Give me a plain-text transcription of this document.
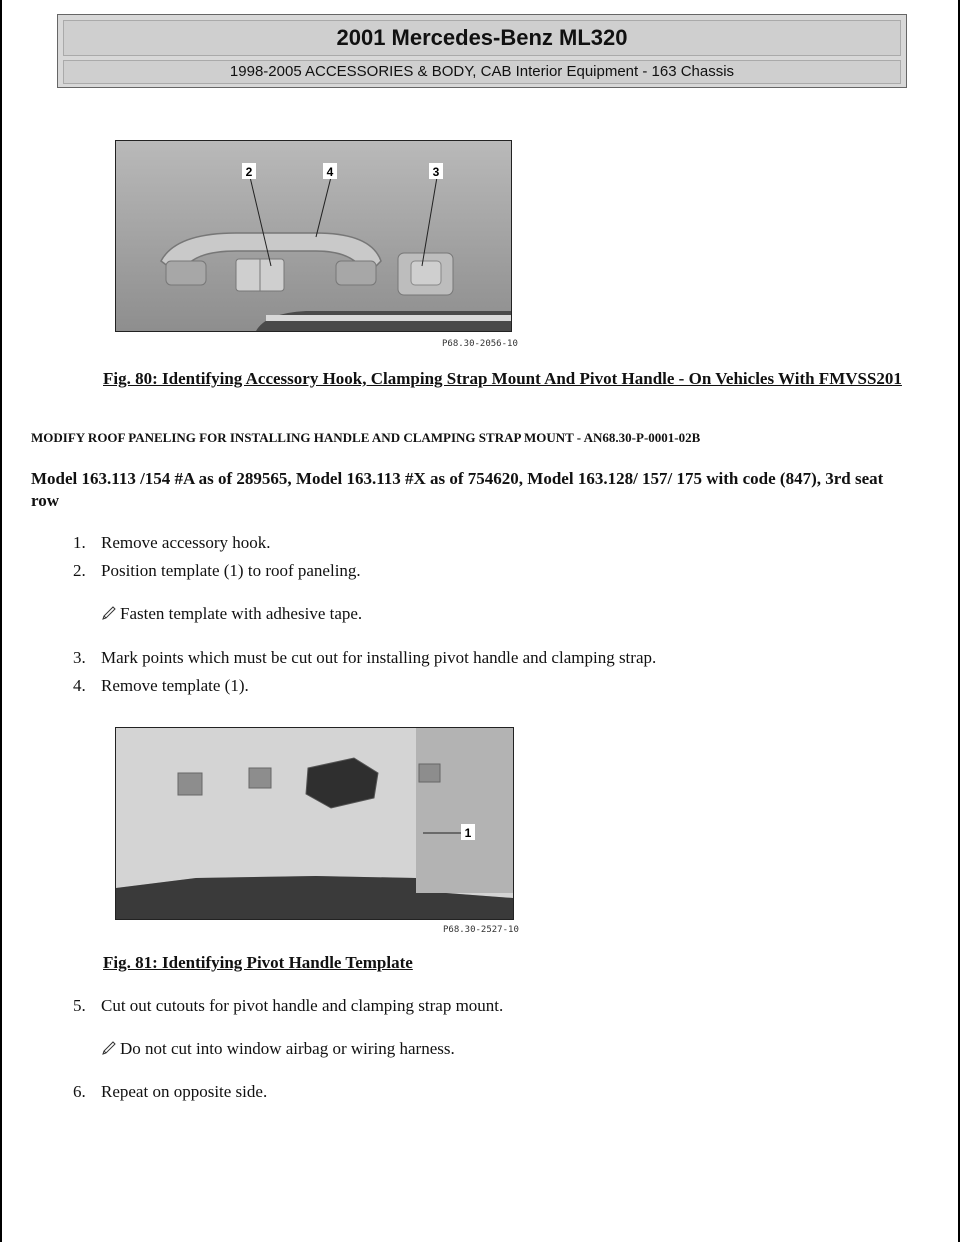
2001 Mercedes-Benz ML320
1998-2005 ACCESSORIES & BODY, CAB Interior Equipment - 163 Chassis
2	4	3
P68.30-2056-10
Fig. 80: Identifying Accessory Hook, Clamping Strap Mount And Pivot Handle - On Vehicles With FMVSS201
MODIFY ROOF PANELING FOR INSTALLING HANDLE AND CLAMPING STRAP MOUNT - AN68.30-P-0001-02B
Model 163.113 /154 #A as of 289565, Model 163.113 #X as of 754620, Model 163.128/ 157/ 175 with code (847), 3rd seat row
1. Remove accessory hook.
2. Position template (1) to roof paneling.
Fasten template with adhesive tape.
3. Mark points which must be cut out for installing pivot handle and clamping strap.
4. Remove template (1).
1
P68.30-2527-10
Fig. 81: Identifying Pivot Handle Template
5. Cut out cutouts for pivot handle and clamping strap mount.
Do not cut into window airbag or wiring harness.
6. Repeat on opposite side.
